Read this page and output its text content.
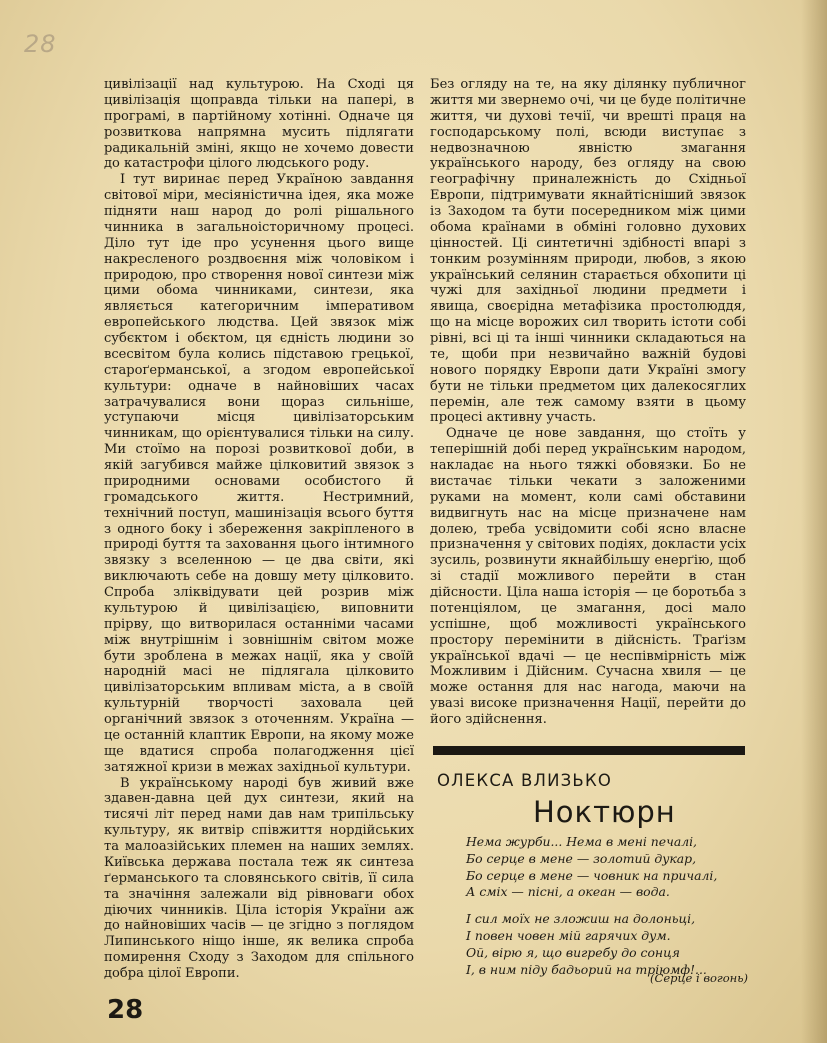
28

цивілізації над культурою. На Сході ця цивілізація щоправда тільки на папері, в програмі, в партійному хотінні. Одначе ця розвиткова напрямна мусить підлягати радикальній зміні, якщо не хочемо довести до катастрофи цілого людського роду.

І тут виринає перед Україною завдання світової міри, месіяністична ідея, яка може підняти наш народ до ролі рішального чинника в загальноісторичному процесі. Діло тут іде про усунення цього вище накресленого роздвоєння між чоловіком і природою, про створення нової синтези між цими обома чинниками, синтези, яка являється категоричним імперативом европейського людства. Цей звязок між субєктом і обєктом, ця єдність людини зо всесвітом була колись підставою грецької, староґерманської, а згодом европейської культури: одначе в найновіших часах затрачувалися вони щораз сильніше, уступаючи місця цивілізаторським чинникам, що орієнтувалися тільки на силу. Ми стоїмо на порозі розвиткової доби, в якій загубився майже цілковитий звязок з природними основами особистого й громадського життя. Нестримний, технічний поступ, машинізація всього буття з одного боку і збереження закріпленого в природі буття та заховання цього інтимного звязку з вселенною — це два світи, які виключають себе на довшу мету цілковито. Спроба зліквідувати цей розрив між культурою й цивілізацією, виповнити прірву, що витворилася останніми часами між внутрішнім і зовнішнім світом може бути зроблена в межах нації, яка у своїй народній масі не підлягала цілковито цивілізаторським впливам міста, а в своїй культурній творчості заховала цей органічний звязок з оточенням. Україна — це останній клаптик Европи, на якому може ще вдатися спроба полагодження цієї затяжної кризи в межах західньої культури.

В українському народі був живий вже здавен-давна цей дух синтези, який на тисячі літ перед нами дав нам трипільську культуру, як витвір співжиття нордійських та малоазійських племен на наших землях. Київська держава постала теж як синтеза ґерманського та словянського світів, її сила та значіння залежали від рівноваги обох діючих чинників. Ціла історія України аж до найновіших часів — це згідно з поглядом Липинського ніщо інше, як велика спроба помирення Сходу з Заходом для спільного добра цілої Европи.

Без огляду на те, на яку ділянку публичног життя ми звернемо очі, чи це буде політичне життя, чи духові течії, чи врешті праця на господарському полі, всюди виступає з недвозначною явністю змагання українського народу, без огляду на свою географічну приналежність до Східньої Европи, підтримувати якнайтісніший звязок із Заходом та бути посередником між цими обома країнами в обміні головно духових цінностей. Ці синтетичні здібності впарі з тонким розумінням природи, любов, з якою український селянин старається обхопити ці чужі для західньої людини предмети і явища, своєрідна метафізика простолюддя, що на місце ворожих сил творить істоти собі рівні, всі ці та інші чинники складаються на те, щоби при незвичайно важній будові нового порядку Европи дати Україні змогу бути не тільки предметом цих далекосяглих перемін, але теж самому взяти в цьому процесі активну участь.

Одначе це нове завдання, що стоїть у теперішній добі перед українським народом, накладає на нього тяжкі обовязки. Бо не вистачає тільки чекати з заложеними руками на момент, коли самі обставини видвигнуть нас на місце призначене нам долею, треба усвідомити собі ясно власне призначення у світових подіях, докласти усіх зусиль, розвинути якнайбільшу енерґію, щоб зі стадії можливого перейти в стан дійсности. Ціла наша історія — це боротьба з потенціялом, це змагання, досі мало успішне, щоб можливості українського простору перемінити в дійсність. Траґізм української вдачі — це неспівмірність між Можливим і Дійсним. Сучасна хвиля — це може остання для нас нагода, маючи на увазі високе призначення Нації, перейти до його здійснення.

ОЛЕКСА ВЛИЗЬКО
Ноктюрн
Нема журби... Нема в мені печалі,
Бо серце в мене — золотий дукар,
Бо серце в мене — човник на причалі,
А сміх — пісні, а океан — вода.
І сил моїх не зложиш на долоньці,
І повен човен мій гарячих дум.
Ой, вірю я, що вигребу до сонця
І, в ним піду бадьорий на тріюмф!...
(Серце і вогонь)
28
